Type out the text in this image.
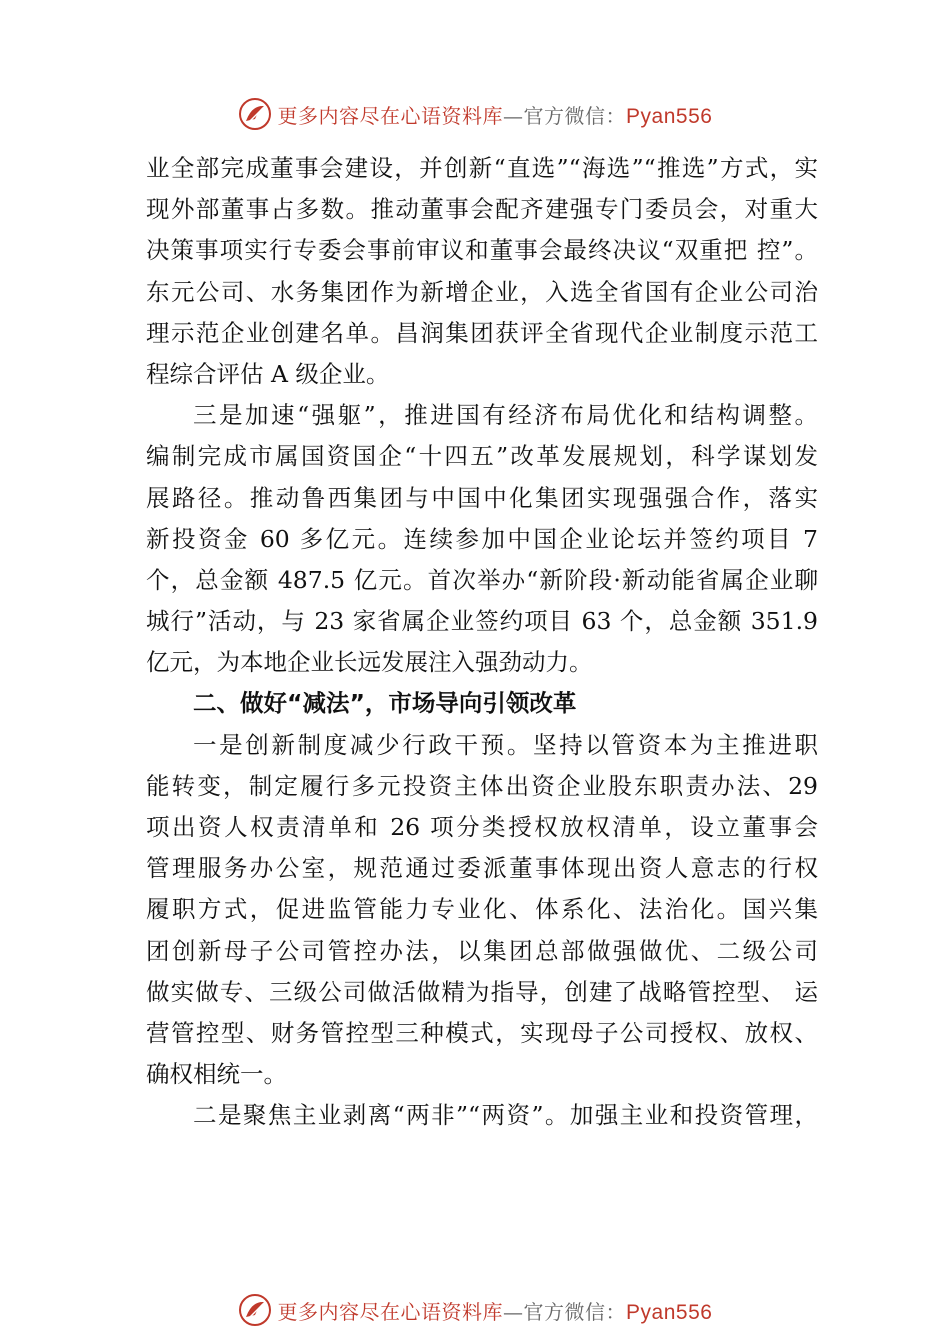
更多内容尽在心语资料库—官方微信：Pyan556
业全部完成董事会建设，并创新“直选”“海选”“推选”方式，实
现外部董事占多数。推动董事会配齐建强专门委员会，对重大
决策事项实行专委会事前审议和董事会最终决议“双重把 控”。
东元公司、水务集团作为新增企业，入选全省国有企业公司治
理示范企业创建名单。昌润集团获评全省现代企业制度示范工
程综合评估 A 级企业。
三是加速“强躯”，推进国有经济布局优化和结构调整。
编制完成市属国资国企“十四五”改革发展规划，科学谋划发
展路径。推动鲁西集团与中国中化集团实现强强合作，落实
新投资金 60 多亿元。连续参加中国企业论坛并签约项目 7
个，总金额 487.5 亿元。首次举办“新阶段·新动能省属企业聊
城行”活动，与 23 家省属企业签约项目 63 个，总金额 351.9
亿元，为本地企业长远发展注入强劲动力。
二、做好“减法”，市场导向引领改革
一是创新制度减少行政干预。坚持以管资本为主推进职
能转变，制定履行多元投资主体出资企业股东职责办法、29
项出资人权责清单和 26 项分类授权放权清单，设立董事会
管理服务办公室，规范通过委派董事体现出资人意志的行权
履职方式，促进监管能力专业化、体系化、法治化。国兴集
团创新母子公司管控办法，以集团总部做强做优、二级公司
做实做专、三级公司做活做精为指导，创建了战略管控型、 运
营管控型、财务管控型三种模式，实现母子公司授权、放权、
确权相统一。
二是聚焦主业剥离“两非”“两资”。加强主业和投资管理，
更多内容尽在心语资料库—官方微信：Pyan556
